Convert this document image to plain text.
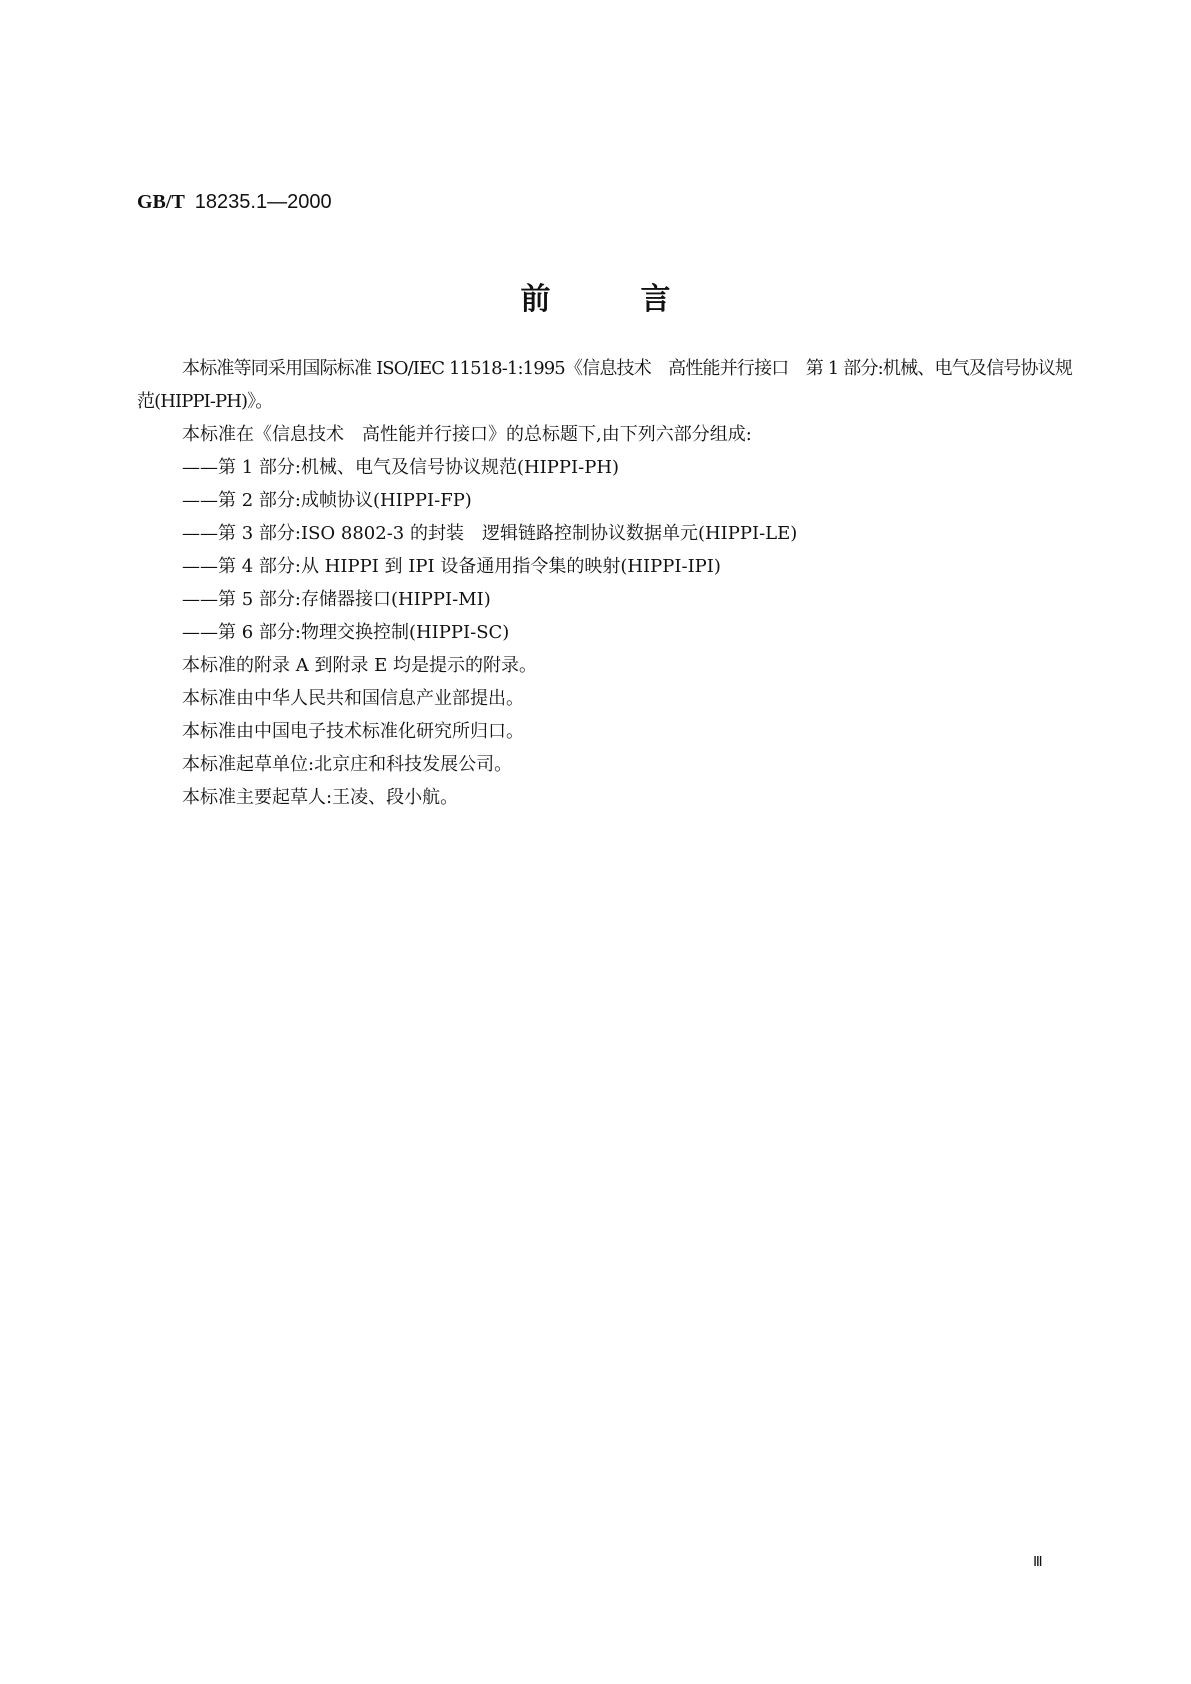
GB/T 18235.1—2000
前言

本标准等同采用国际标准 ISO/IEC 11518-1:1995《信息技术　高性能并行接口　第 1 部分:机械、电气及信号协议规范(HIPPI-PH)》。

本标准在《信息技术　高性能并行接口》的总标题下,由下列六部分组成:

——第 1 部分:机械、电气及信号协议规范(HIPPI-PH)
——第 2 部分:成帧协议(HIPPI-FP)
——第 3 部分:ISO 8802-3 的封装　逻辑链路控制协议数据单元(HIPPI-LE)
——第 4 部分:从 HIPPI 到 IPI 设备通用指令集的映射(HIPPI-IPI)
——第 5 部分:存储器接口(HIPPI-MI)
——第 6 部分:物理交换控制(HIPPI-SC)

本标准的附录 A 到附录 E 均是提示的附录。

本标准由中华人民共和国信息产业部提出。

本标准由中国电子技术标准化研究所归口。

本标准起草单位:北京庄和科技发展公司。

本标准主要起草人:王凌、段小航。

Ⅲ
